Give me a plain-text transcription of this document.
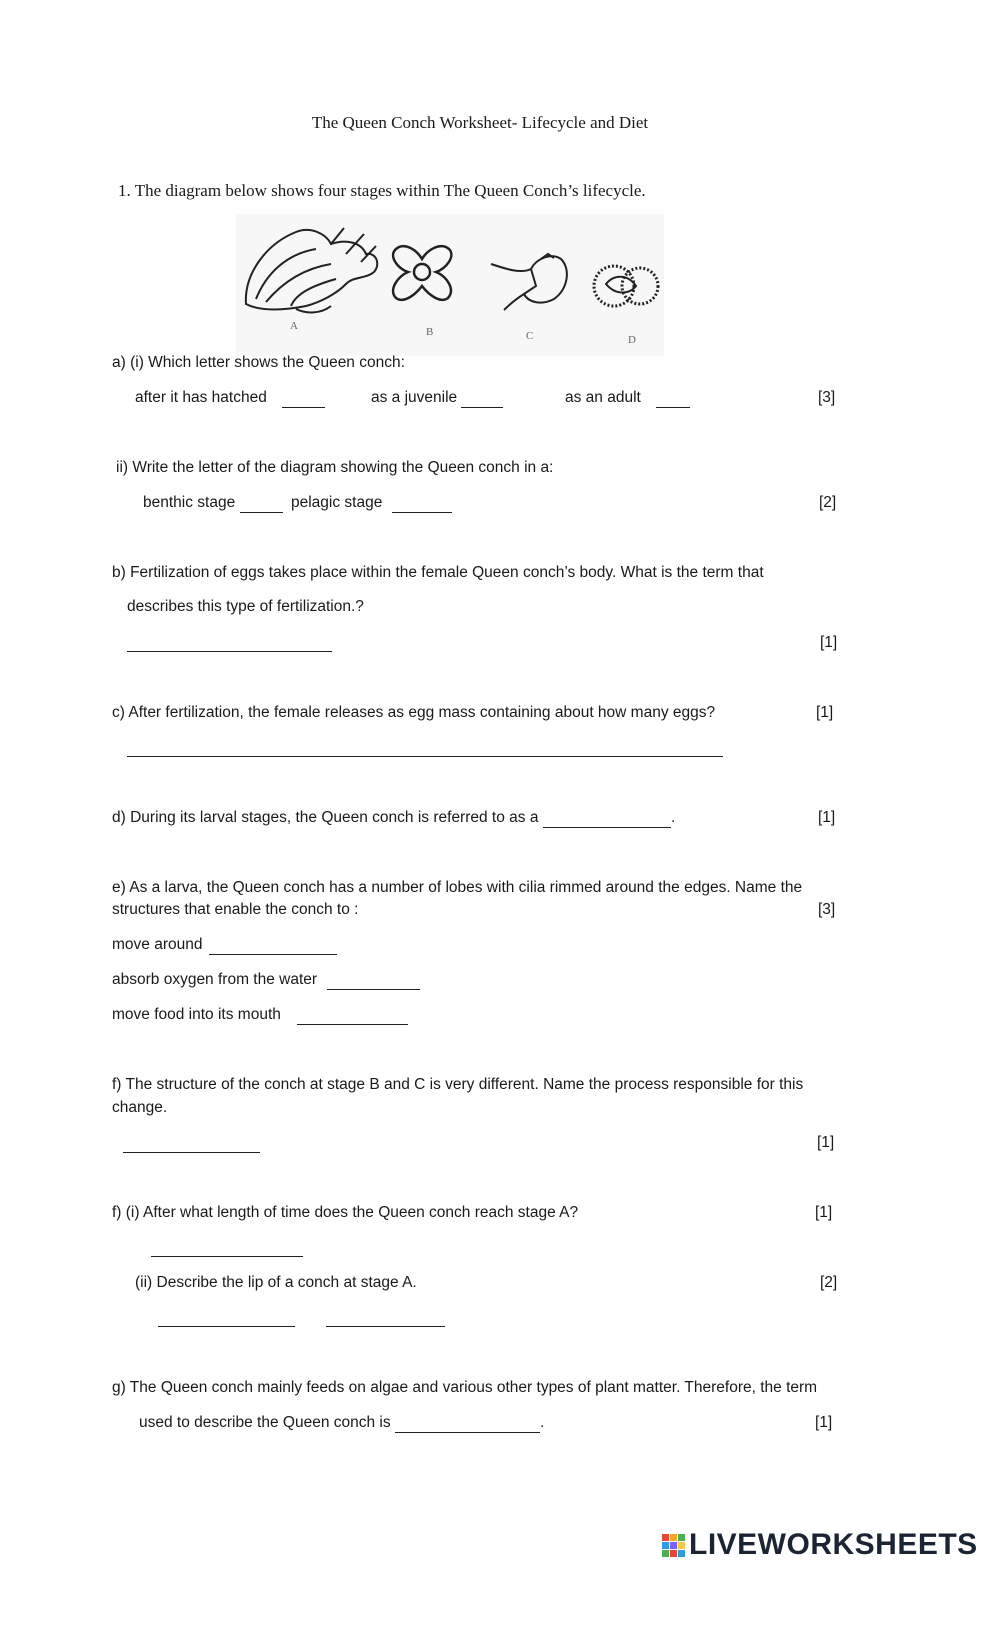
The Queen Conch Worksheet- Lifecycle and Diet
1. The diagram below shows four stages within The Queen Conch’s lifecycle.
A	B	C	D
a) (i) Which letter shows the Queen conch:
after it has hatched	as a juvenile	as an adult	[3]
ii) Write the letter of the diagram showing the Queen conch in a:
benthic stage	pelagic stage	[2]
b) Fertilization of eggs takes place within the female Queen conch’s body. What is the term that
describes this type of fertilization.?
[1]
c) After fertilization, the female releases as egg mass containing about how many eggs?	[1]
d) During its larval stages, the Queen conch is referred to as a	.	[1]
e) As a larva, the Queen conch has a number of lobes with cilia rimmed around the edges. Name the
structures that enable the conch to :	[3]
move around
absorb oxygen from the water
move food into its mouth
f) The structure of the conch at stage B and C is very different. Name the process responsible for this
change.
[1]
f) (i) After what length of time does the Queen conch reach stage A?	[1]
(ii) Describe the lip of a conch at stage A.	[2]
g) The Queen conch mainly feeds on algae and various other types of plant matter. Therefore, the term
used to describe the Queen conch is	.	[1]
LIVEWORKSHEETS
